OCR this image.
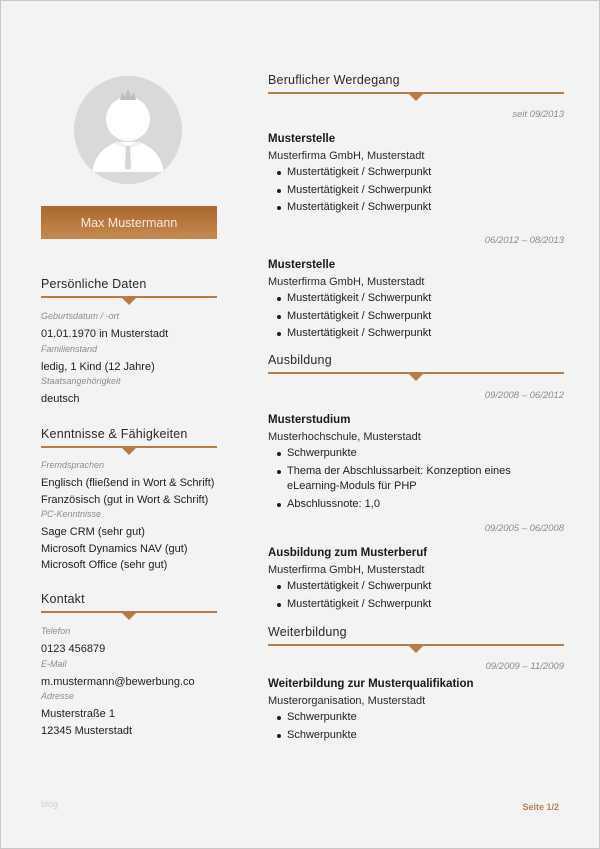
Max Mustermann
Persönliche Daten
Geburtsdatum / -ort
01.01.1970 in Musterstadt
Familienstand
ledig, 1 Kind (12 Jahre)
Staatsangehörigkeit
deutsch
Kenntnisse & Fähigkeiten
Fremdsprachen
Englisch (fließend in Wort & Schrift)
Französisch (gut in Wort & Schrift)
PC-Kenntnisse
Sage CRM (sehr gut)
Microsoft Dynamics NAV (gut)
Microsoft Office (sehr gut)
Kontakt
Telefon
0123 456879
E-Mail
m.mustermann@bewerbung.co
Adresse
Musterstraße 1
12345 Musterstadt
Beruflicher Werdegang
seit 09/2013
Musterstelle
Musterfirma GmbH, Musterstadt
Mustertätigkeit / Schwerpunkt
Mustertätigkeit / Schwerpunkt
Mustertätigkeit / Schwerpunkt
06/2012 – 08/2013
Musterstelle
Musterfirma GmbH, Musterstadt
Mustertätigkeit / Schwerpunkt
Mustertätigkeit / Schwerpunkt
Mustertätigkeit / Schwerpunkt
Ausbildung
09/2008 – 06/2012
Musterstudium
Musterhochschule, Musterstadt
Schwerpunkte
Thema der Abschlussarbeit: Konzeption eines eLearning-Moduls für PHP
Abschlussnote: 1,0
09/2005 – 06/2008
Ausbildung zum Musterberuf
Musterfirma GmbH, Musterstadt
Mustertätigkeit / Schwerpunkt
Mustertätigkeit / Schwerpunkt
Weiterbildung
09/2009 – 11/2009
Weiterbildung zur Musterqualifikation
Musterorganisation, Musterstadt
Schwerpunkte
Schwerpunkte
blog	Seite 1/2
